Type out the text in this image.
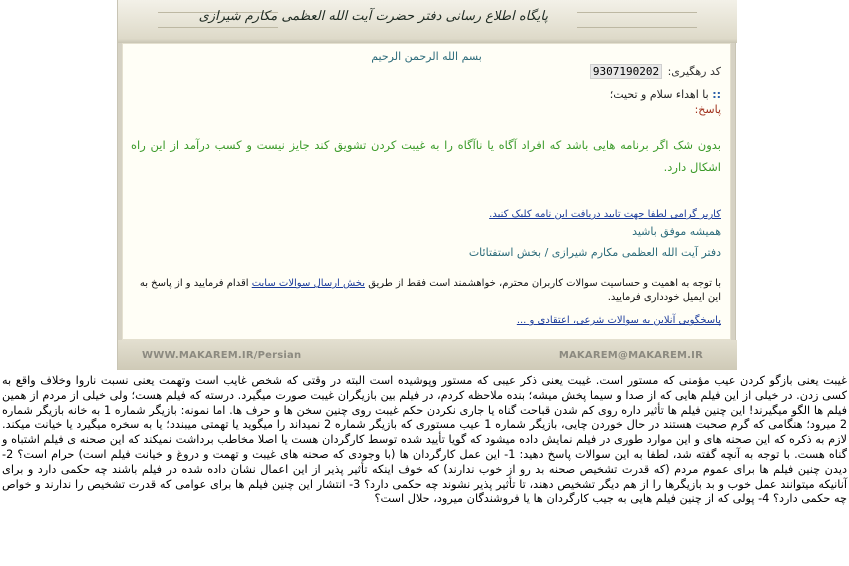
پایگاه اطلاع رسانی دفتر حضرت آیت الله العظمی مکارم شیرازی
بسم الله الرحمن الرحیم
کد رهگیری: 9307190202
:: با اهداء سلام و تحیت؛
پاسخ:
بدون شک اگر برنامه هایی باشد که افراد آگاه یا ناآگاه را به غیبت کردن تشویق کند جایز نیست و کسب درآمد از این راه اشکال دارد.
کاربر گرامی لطفا جهت تایید دریافت این نامه کلیک کنید.
همیشه موفق باشید
دفتر آیت الله العظمی مکارم شیرازی / بخش استفتائات
با توجه به اهمیت و حساسیت سوالات کاربران محترم، خواهشمند است فقط از طریق بخش ارسال سوالات سایت اقدام فرمایید و از پاسخ به این ایمیل خودداری فرمایید.
پاسخگویی آنلاین به سوالات شرعی، اعتقادی و ...
WWW.MAKAREM.IR/Persian	MAKAREM@MAKAREM.IR
غیبت یعنی بازگو کردن عیب مؤمنی که مستور است. غیبت یعنی ذکر عیبی که مستور وپوشیده است البته در وقتی که شخص غایب است وتهمت یعنی نسبت ناروا وخلاف واقع به کسی زدن. در خیلی از این فیلم هایی که از صدا و سیما پخش میشه؛ بنده ملاحظه کردم، در فیلم بین بازیگران غیبت صورت میگیرد. درسته که فیلم هست؛ ولی خیلی از مردم از همین فیلم ها الگو میگیرند! این چنین فیلم ها تأثیر داره روی کم شدن قباحت گناه یا جاری نکردن حکم غیبت روی چنین سخن ها و حرف ها. اما نمونه: بازیگر شماره 1 به خانه بازیگر شماره 2 میرود؛ هنگامی که گرم صحبت هستند در حال خوردن چایی، بازیگر شماره 1 عیب مستوری که بازیگر شماره 2 نمیداند را میگوید یا تهمتی میبندد؛ یا به سخره میگیرد یا خیانت میکند. لازم به ذکره که این صحنه های و این موارد طوری در فیلم نمایش داده میشود که گویا تأیید شده توسط کارگردان هست یا اصلا مخاطب برداشت نمیکند که این صحنه ی فیلم اشتباه و گناه هست. با توجه به آنچه گفته شد، لطفا به این سوالات پاسخ دهید: 1- این عمل کارگردان ها (با وجودی که صحنه های غیبت و تهمت و دروغ و خیانت فیلم است) حرام است؟ 2- دیدن چنین فیلم ها برای عموم مردم (که قدرت تشخیص صحنه بد رو از خوب ندارند) که خوف اینکه تأثیر پذیر از این اعمال نشان داده شده در فیلم باشند چه حکمی دارد و برای آنانیکه میتوانند عمل خوب و بد بازیگرها را از هم دیگر تشخیص دهند، تا تأثیر پذیر نشوند چه حکمی دارد؟ 3- انتشار این چنین فیلم ها برای عوامی که قدرت تشخیص را ندارند و خواص چه حکمی دارد؟ 4- پولی که از چنین فیلم هایی به جیب کارگردان ها یا فروشندگان میرود، حلال است؟
